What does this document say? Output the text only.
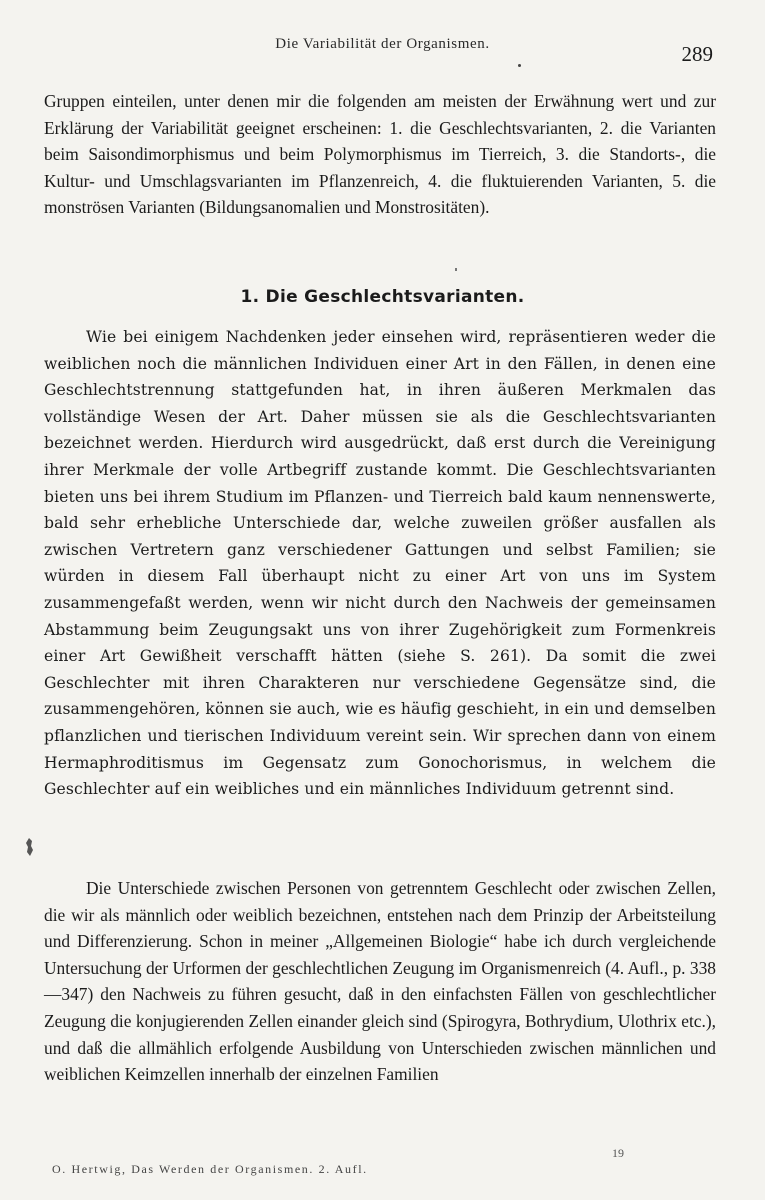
Die Variabilität der Organismen.	289

Gruppen einteilen, unter denen mir die folgenden am meisten der Erwähnung wert und zur Erklärung der Variabilität geeignet erscheinen: 1. die Geschlechtsvarianten, 2. die Varianten beim Saisondimorphismus und beim Polymorphismus im Tierreich, 3. die Standorts-, die Kultur- und Umschlagsvarianten im Pflanzenreich, 4. die fluktuierenden Varianten, 5. die monströsen Varianten (Bildungsanomalien und Monstrositäten).

1. Die Geschlechtsvarianten.

Wie bei einigem Nachdenken jeder einsehen wird, repräsentieren weder die weiblichen noch die männlichen Individuen einer Art in den Fällen, in denen eine Geschlechtstrennung stattgefunden hat, in ihren äußeren Merkmalen das vollständige Wesen der Art. Daher müssen sie als die Geschlechtsvarianten bezeichnet werden. Hierdurch wird ausgedrückt, daß erst durch die Vereinigung ihrer Merkmale der volle Artbegriff zustande kommt. Die Geschlechtsvarianten bieten uns bei ihrem Studium im Pflanzen- und Tierreich bald kaum nennenswerte, bald sehr erhebliche Unterschiede dar, welche zuweilen größer ausfallen als zwischen Vertretern ganz verschiedener Gattungen und selbst Familien; sie würden in diesem Fall überhaupt nicht zu einer Art von uns im System zusammengefaßt werden, wenn wir nicht durch den Nachweis der gemeinsamen Abstammung beim Zeugungsakt uns von ihrer Zugehörigkeit zum Formenkreis einer Art Gewißheit verschafft hätten (siehe S. 261). Da somit die zwei Geschlechter mit ihren Charakteren nur verschiedene Gegensätze sind, die zusammengehören, können sie auch, wie es häufig geschieht, in ein und demselben pflanzlichen und tierischen Individuum vereint sein. Wir sprechen dann von einem Hermaphroditismus im Gegensatz zum Gonochorismus, in welchem die Geschlechter auf ein weibliches und ein männliches Individuum getrennt sind.

Die Unterschiede zwischen Personen von getrenntem Geschlecht oder zwischen Zellen, die wir als männlich oder weiblich bezeichnen, entstehen nach dem Prinzip der Arbeitsteilung und Differenzierung. Schon in meiner „Allgemeinen Biologie“ habe ich durch vergleichende Untersuchung der Urformen der geschlechtlichen Zeugung im Organismenreich (4. Aufl., p. 338—347) den Nachweis zu führen gesucht, daß in den einfachsten Fällen von geschlechtlicher Zeugung die konjugierenden Zellen einander gleich sind (Spirogyra, Bothrydium, Ulothrix etc.), und daß die allmählich erfolgende Ausbildung von Unterschieden zwischen männlichen und weiblichen Keimzellen innerhalb der einzelnen Familien

19
O. Hertwig, Das Werden der Organismen. 2. Aufl.
